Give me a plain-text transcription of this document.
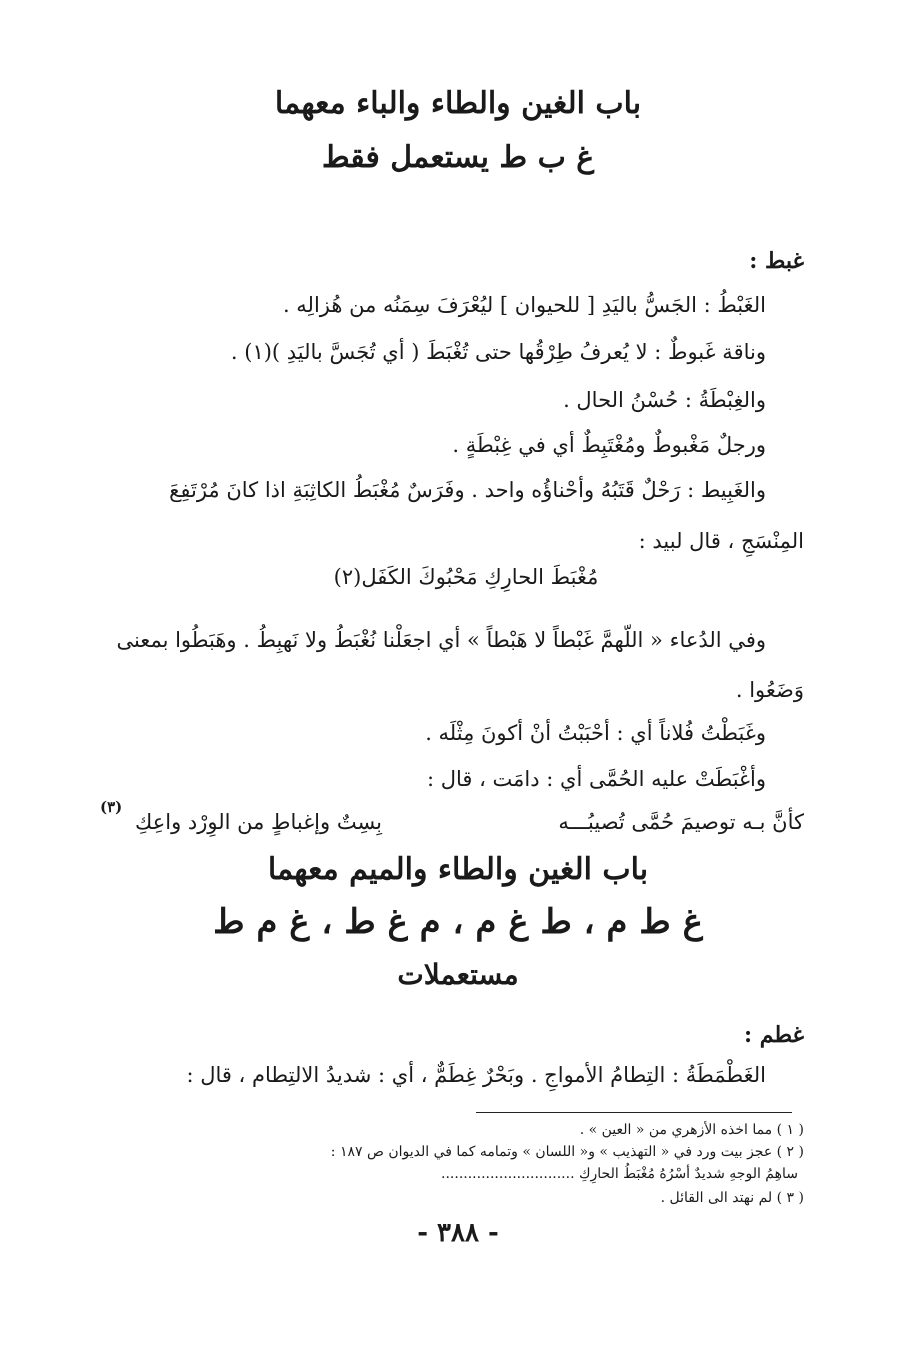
باب الغين والطاء والباء معهما
غ ب ط يستعمل فقط
غبط :
الغَبْطُ : الجَسُّ باليَدِ [ للحيوان ] ليُعْرَفَ سِمَنُه من هُزالِه .
وناقة غَبوطٌ : لا يُعرفُ طِرْقُها حتى تُغْبَطَ ( أي تُجَسَّ باليَدِ )(١) .
والغِبْطَةُ : حُسْنُ الحال .
ورجلٌ مَغْبوطٌ ومُغْتَبِطٌ أي في غِبْطَةٍ .
والغَبِيط : رَحْلٌ قَتَبُهُ وأحْناؤُه واحد . وفَرَسٌ مُغْبَطُ الكاثِبَةِ اذا كانَ مُرْتَفِعَ
المِنْسَجِ ، قال لبيد :
مُغْبَطَ الحارِكِ مَحْبُوكَ الكَفَل(٢)
وفي الدُعاء « اللّهمَّ غَبْطاً لا هَبْطاً » أي اجعَلْنا نُغْبَطُ ولا نَهبِطُ . وهَبَطُوا بمعنى
وَضَعُوا .
وغَبَطْتُ فُلاناً أي : أحْبَبْتُ أنْ أكونَ مِثْلَه .
وأغْبَطَتْ عليه الحُمَّى أي : دامَت ، قال :
كأنَّ بـه توصيمَ حُمَّى تُصيبُـــه
بِسِتٌ وإغباطٍ من الوِرْد واعِكِ
(٣)
باب الغين والطاء والميم معهما
غ ط م ، ط غ م ، م غ ط ، غ م ط
مستعملات
غطم :
الغَطْمَطَةُ : التِطامُ الأمواجِ . وبَحْرٌ غِطَمٌّ ، أي : شديدُ الالتِطام ، قال :
( ١ ) مما اخذه الأزهري من « العين » .
( ٢ ) عجز بيت ورد في « التهذيب » و« اللسان » وتمامه كما في الديوان ص ١٨٧ :
ساهِمُ الوجهِ شديدٌ أسْرُهُ مُغْبَطُ الحارِكِ ..............................
( ٣ ) لم نهتد الى القائل .
- ٣٨٨ -
